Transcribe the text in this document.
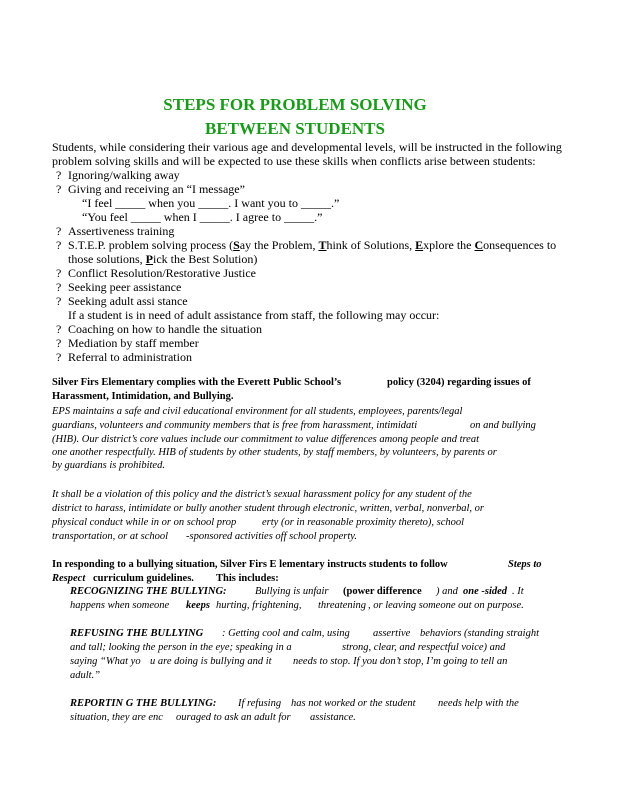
STEPS FOR PROBLEM SOLVING
BETWEEN STUDENTS
Students, while considering their various age and developmental levels, will be instructed in the following
problem solving skills and will be expected to use these skills when conflicts arise between students:
? Ignoring/walking away
? Giving and receiving an “I message”
“I feel _____ when you _____. I want you to _____.”
“You feel _____ when I _____. I agree to _____.”
? Assertiveness training
? S.T.E.P. problem solving process (Say the Problem, Think of Solutions, Explore the Consequences to
those solutions, Pick the Best Solution)
? Conflict Resolution/Restorative Justice
? Seeking peer assistance
? Seeking adult assi stance
If a student is in need of adult assistance from staff, the following may occur:
? Coaching on how to handle the situation
? Mediation by staff member
? Referral to administration
Silver Firs Elementary complies with the Everett Public School’s	policy (3204) regarding issues of
Harassment, Intimidation, and Bullying.
EPS maintains a safe and civil educational environment for all students, employees, parents/legal
guardians, volunteers and community members that is free from harassment, intimidati	on and bullying
(HIB). Our district’s core values include our commitment to value differences among people and treat
one another respectfully. HIB of students by other students, by staff members, by volunteers, by parents or
by guardians is prohibited.
It shall be a violation of this policy and the district’s sexual harassment policy for any student of the
district to harass, intimidate or bully another student through electronic, written, verbal, nonverbal, or
physical conduct while in or on school prop erty (or in reasonable proximity thereto), school
transportation, or at school -sponsored activities off school property.
In responding to a bullying situation, Silver Firs E lementary instructs students to follow	Steps to
Respect curriculum guidelines. This includes:
RECOGNIZING THE BULLYING:	Bullying is unfair (power difference ) and one -sided . It
happens when someone keeps hurting, frightening, threatening , or leaving someone out on purpose.
REFUSING THE BULLYING : Getting cool and calm, using assertive behaviors (standing straight
and tall; looking the person in the eye; speaking in a	strong, clear, and respectful voice) and
saying “What yo u are doing is bullying and it needs to stop. If you don’t stop, I’m going to tell an
adult.”
REPORTIN G THE BULLYING: If refusing has not worked or the student needs help with the
situation, they are enc ouraged to ask an adult for assistance.
